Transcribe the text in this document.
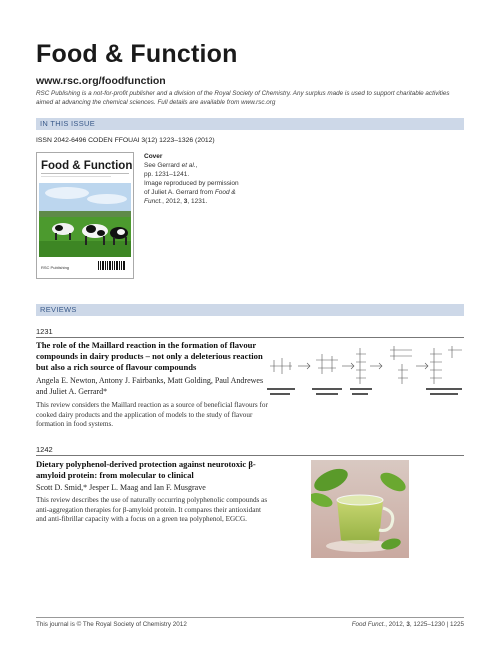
Food & Function
www.rsc.org/foodfunction
RSC Publishing is a not-for-profit publisher and a division of the Royal Society of Chemistry. Any surplus made is used to support charitable activities aimed at advancing the chemical sciences. Full details are available from www.rsc.org
IN THIS ISSUE
ISSN 2042-6496 CODEN FFOUAI 3(12) 1223–1326 (2012)
Food & Function
RSC Publishing
Cover
See Gerrard et al.,
pp. 1231–1241.
Image reproduced by permission
of Juliet A. Gerrard from Food &
Funct., 2012, 3, 1231.
REVIEWS
1231
The role of the Maillard reaction in the formation of flavour compounds in dairy products – not only a deleterious reaction but also a rich source of flavour compounds
Angela E. Newton, Antony J. Fairbanks, Matt Golding, Paul Andrewes and Juliet A. Gerrard*
This review considers the Maillard reaction as a source of beneficial flavours for cooked dairy products and the application of models to the study of flavour formation in food systems.
1242
Dietary polyphenol-derived protection against neurotoxic β-amyloid protein: from molecular to clinical
Scott D. Smid,* Jesper L. Maag and Ian F. Musgrave
This review describes the use of naturally occurring polyphenolic compounds as anti-aggregation therapies for β-amyloid protein. It compares their antioxidant and anti-fibrillar capacity with a focus on a green tea polyphenol, EGCG.
This journal is © The Royal Society of Chemistry 2012	Food Funct., 2012, 3, 1225–1230 | 1225
